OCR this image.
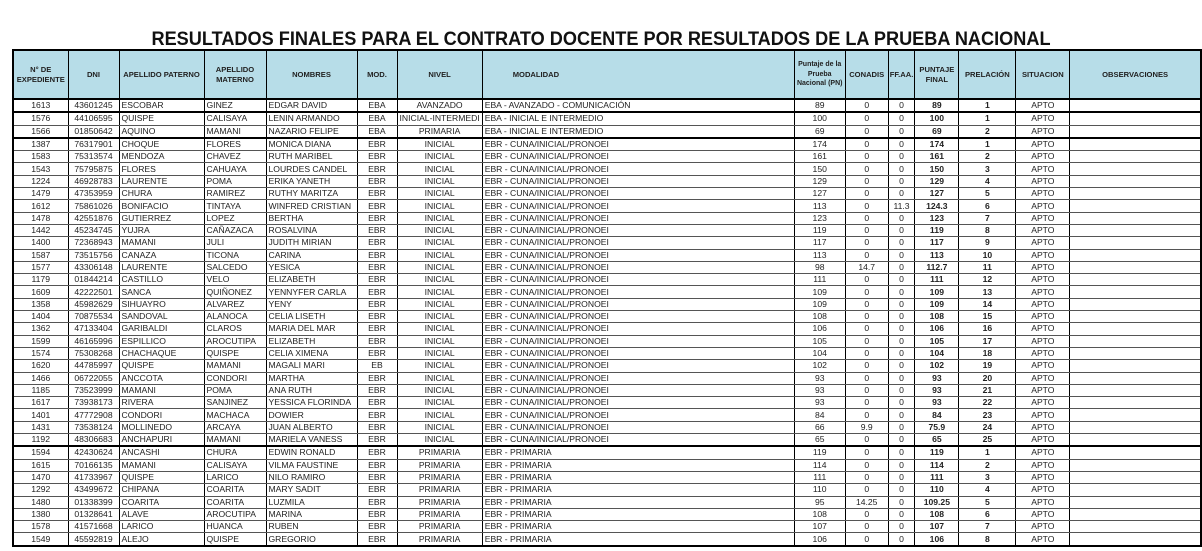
RESULTADOS FINALES PARA EL CONTRATO DOCENTE POR RESULTADOS DE LA PRUEBA NACIONAL
N° DE EXPEDIENTE	DNI	APELLIDO PATERNO	APELLIDO MATERNO	NOMBRES	MOD.	NIVEL	MODALIDAD	Puntaje de la Prueba Nacional (PN)	CONADIS	FF.AA.	PUNTAJE FINAL	PRELACIÓN	SITUACION	OBSERVACIONES
1613	43601245	ESCOBAR	GINEZ	EDGAR DAVID	EBA	AVANZADO	EBA - AVANZADO - COMUNICACIÓN	89	0	0	89	1	APTO	
1576	44106595	QUISPE	CALISAYA	LENIN ARMANDO	EBA	INICIAL-INTERMEDI	EBA - INICIAL E INTERMEDIO	100	0	0	100	1	APTO	
1566	01850642	AQUINO	MAMANI	NAZARIO FELIPE	EBA	PRIMARIA	EBA - INICIAL E INTERMEDIO	69	0	0	69	2	APTO	
1387	76317901	CHOQUE	FLORES	MONICA DIANA	EBR	INICIAL	EBR - CUNA/INICIAL/PRONOEI	174	0	0	174	1	APTO	
1583	75313574	MENDOZA	CHAVEZ	RUTH MARIBEL	EBR	INICIAL	EBR - CUNA/INICIAL/PRONOEI	161	0	0	161	2	APTO	
1543	75795875	FLORES	CAHUAYA	LOURDES CANDEL	EBR	INICIAL	EBR - CUNA/INICIAL/PRONOEI	150	0	0	150	3	APTO	
1224	46928783	LAURENTE	POMA	ERIKA YANETH	EBR	INICIAL	EBR - CUNA/INICIAL/PRONOEI	129	0	0	129	4	APTO	
1479	47353959	CHURA	RAMIREZ	RUTHY MARITZA	EBR	INICIAL	EBR - CUNA/INICIAL/PRONOEI	127	0	0	127	5	APTO	
1612	75861026	BONIFACIO	TINTAYA	WINFRED CRISTIAN	EBR	INICIAL	EBR - CUNA/INICIAL/PRONOEI	113	0	11.3	124.3	6	APTO	
1478	42551876	GUTIERREZ	LOPEZ	BERTHA	EBR	INICIAL	EBR - CUNA/INICIAL/PRONOEI	123	0	0	123	7	APTO	
1442	45234745	YUJRA	CAÑAZACA	ROSALVINA	EBR	INICIAL	EBR - CUNA/INICIAL/PRONOEI	119	0	0	119	8	APTO	
1400	72368943	MAMANI	JULI	JUDITH MIRIAN	EBR	INICIAL	EBR - CUNA/INICIAL/PRONOEI	117	0	0	117	9	APTO	
1587	73515756	CANAZA	TICONA	CARINA	EBR	INICIAL	EBR - CUNA/INICIAL/PRONOEI	113	0	0	113	10	APTO	
1577	43306148	LAURENTE	SALCEDO	YESICA	EBR	INICIAL	EBR - CUNA/INICIAL/PRONOEI	98	14.7	0	112.7	11	APTO	
1179	01844214	CASTILLO	VELO	ELIZABETH	EBR	INICIAL	EBR - CUNA/INICIAL/PRONOEI	111	0	0	111	12	APTO	
1609	42222501	SANCA	QUIÑONEZ	YENNYFER CARLA	EBR	INICIAL	EBR - CUNA/INICIAL/PRONOEI	109	0	0	109	13	APTO	
1358	45982629	SIHUAYRO	ALVAREZ	YENY	EBR	INICIAL	EBR - CUNA/INICIAL/PRONOEI	109	0	0	109	14	APTO	
1404	70875534	SANDOVAL	ALANOCA	CELIA LISETH	EBR	INICIAL	EBR - CUNA/INICIAL/PRONOEI	108	0	0	108	15	APTO	
1362	47133404	GARIBALDI	CLAROS	MARIA DEL MAR	EBR	INICIAL	EBR - CUNA/INICIAL/PRONOEI	106	0	0	106	16	APTO	
1599	46165996	ESPILLICO	AROCUTIPA	ELIZABETH	EBR	INICIAL	EBR - CUNA/INICIAL/PRONOEI	105	0	0	105	17	APTO	
1574	75308268	CHACHAQUE	QUISPE	CELIA XIMENA	EBR	INICIAL	EBR - CUNA/INICIAL/PRONOEI	104	0	0	104	18	APTO	
1620	44785997	QUISPE	MAMANI	MAGALI MARI	EB	INICIAL	EBR - CUNA/INICIAL/PRONOEI	102	0	0	102	19	APTO	
1466	06722055	ANCCOTA	CONDORI	MARTHA	EBR	INICIAL	EBR - CUNA/INICIAL/PRONOEI	93	0	0	93	20	APTO	
1185	73523999	MAMANI	POMA	ANA RUTH	EBR	INICIAL	EBR - CUNA/INICIAL/PRONOEI	93	0	0	93	21	APTO	
1617	73938173	RIVERA	SANJINEZ	YESSICA FLORINDA	EBR	INICIAL	EBR - CUNA/INICIAL/PRONOEI	93	0	0	93	22	APTO	
1401	47772908	CONDORI	MACHACA	DOWIER	EBR	INICIAL	EBR - CUNA/INICIAL/PRONOEI	84	0	0	84	23	APTO	
1431	73538124	MOLLINEDO	ARCAYA	JUAN ALBERTO	EBR	INICIAL	EBR - CUNA/INICIAL/PRONOEI	66	9.9	0	75.9	24	APTO	
1192	48306683	ANCHAPURI	MAMANI	MARIELA VANESS	EBR	INICIAL	EBR - CUNA/INICIAL/PRONOEI	65	0	0	65	25	APTO	
1594	42430624	ANCASHI	CHURA	EDWIN RONALD	EBR	PRIMARIA	EBR - PRIMARIA	119	0	0	119	1	APTO	
1615	70166135	MAMANI	CALISAYA	VILMA FAUSTINE	EBR	PRIMARIA	EBR - PRIMARIA	114	0	0	114	2	APTO	
1470	41733967	QUISPE	LARICO	NILO RAMIRO	EBR	PRIMARIA	EBR - PRIMARIA	111	0	0	111	3	APTO	
1292	43499672	CHIPANA	COARITA	MARY SADIT	EBR	PRIMARIA	EBR - PRIMARIA	110	0	0	110	4	APTO	
1480	01338399	COARITA	COARITA	LUZMILA	EBR	PRIMARIA	EBR - PRIMARIA	95	14.25	0	109.25	5	APTO	
1380	01328641	ALAVE	AROCUTIPA	MARINA	EBR	PRIMARIA	EBR - PRIMARIA	108	0	0	108	6	APTO	
1578	41571668	LARICO	HUANCA	RUBEN	EBR	PRIMARIA	EBR - PRIMARIA	107	0	0	107	7	APTO	
1549	45592819	ALEJO	QUISPE	GREGORIO	EBR	PRIMARIA	EBR - PRIMARIA	106	0	0	106	8	APTO	
